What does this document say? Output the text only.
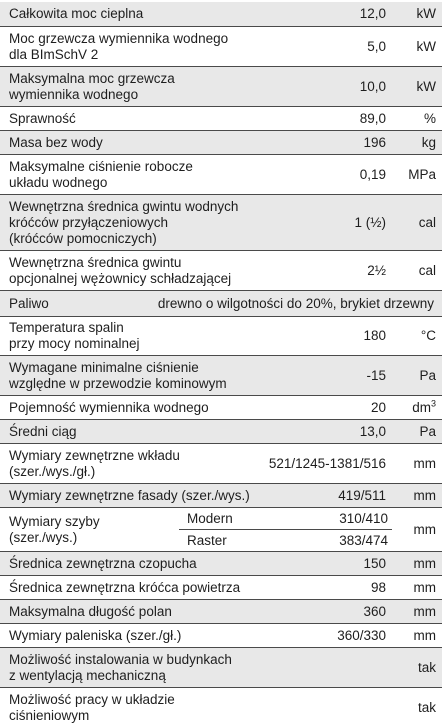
Całkowita moc cieplna	12,0	kW
Moc grzewcza wymiennika wodnego
dla BImSchV 2
5,0	kW
Maksymalna moc grzewcza
wymiennika wodnego
10,0	kW
Sprawność	89,0	%
Masa bez wody	196	kg
Maksymalne ciśnienie robocze
układu wodnego
0,19	MPa
Wewnętrzna średnica gwintu wodnych
króćców przyłączeniowych
(króćców pomocniczych)
1 (½)	cal
Wewnętrzna średnica gwintu
opcjonalnej wężownicy schładzającej
2½	cal
Paliwo	drewno o wilgotności do 20%, brykiet drzewny
Temperatura spalin
przy mocy nominalnej
180	°C
Wymagane minimalne ciśnienie
względne w przewodzie kominowym
-15	Pa
Pojemność wymiennika wodnego	20	$dm^3$
Średni ciąg	13,0	Pa
Wymiary zewnętrzne wkładu
(szer./wys./gł.)
521/1245-1381/516	mm
Wymiary zewnętrzne fasady (szer./wys.)	419/511	mm
Wymiary szyby
(szer./wys.)
Modern	310/410
Raster	383/474
mm
Średnica zewnętrzna czopucha	150	mm
Średnica zewnętrzna króćca powietrza	98	mm
Maksymalna długość polan	360	mm
Wymiary paleniska (szer./gł.)	360/330	mm
Możliwość instalowania w budynkach
z wentylacją mechaniczną
tak
Możliwość pracy w układzie
ciśnieniowym
tak
